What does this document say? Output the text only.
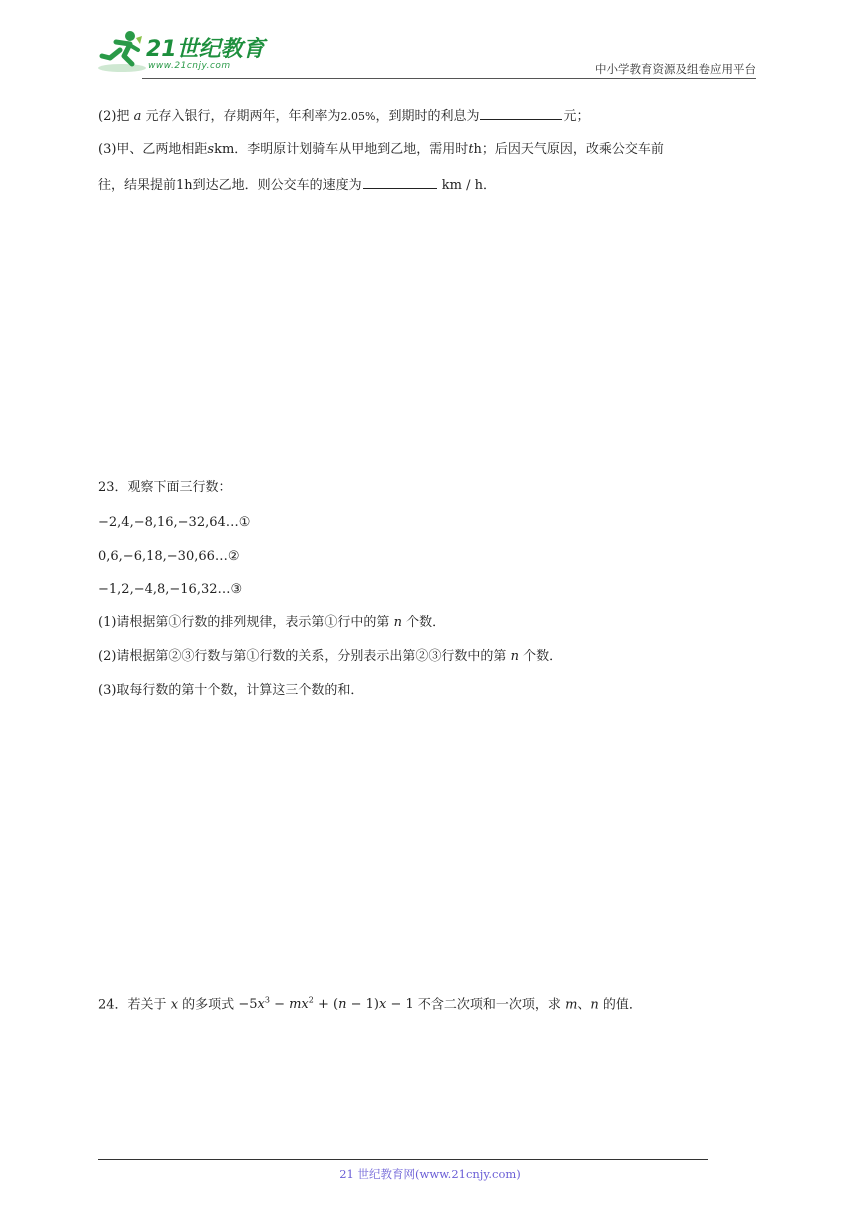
21世纪教育
www.21cnjy.com	中小学教育资源及组卷应用平台
(2)把 a 元存入银行，存期两年，年利率为2.05%，到期时的利息为	元；
(3)甲、乙两地相距skm．李明原计划骑车从甲地到乙地，需用时th；后因天气原因，改乘公交车前
往，结果提前1h到达乙地．则公交车的速度为	km / h．
23．观察下面三行数：
−2,4,−8,16,−32,64…①
0,6,−6,18,−30,66…②
−1,2,−4,8,−16,32…③
(1)请根据第①行数的排列规律，表示第①行中的第 n 个数．
(2)请根据第②③行数与第①行数的关系，分别表示出第②③行数中的第 n 个数．
(3)取每行数的第十个数，计算这三个数的和．
24．若关于 x 的多项式 $-5x^3 - mx^2 + (n - 1)x - 1$ 不含二次项和一次项，求 m、n 的值．
21 世纪教育网(www.21cnjy.com)
